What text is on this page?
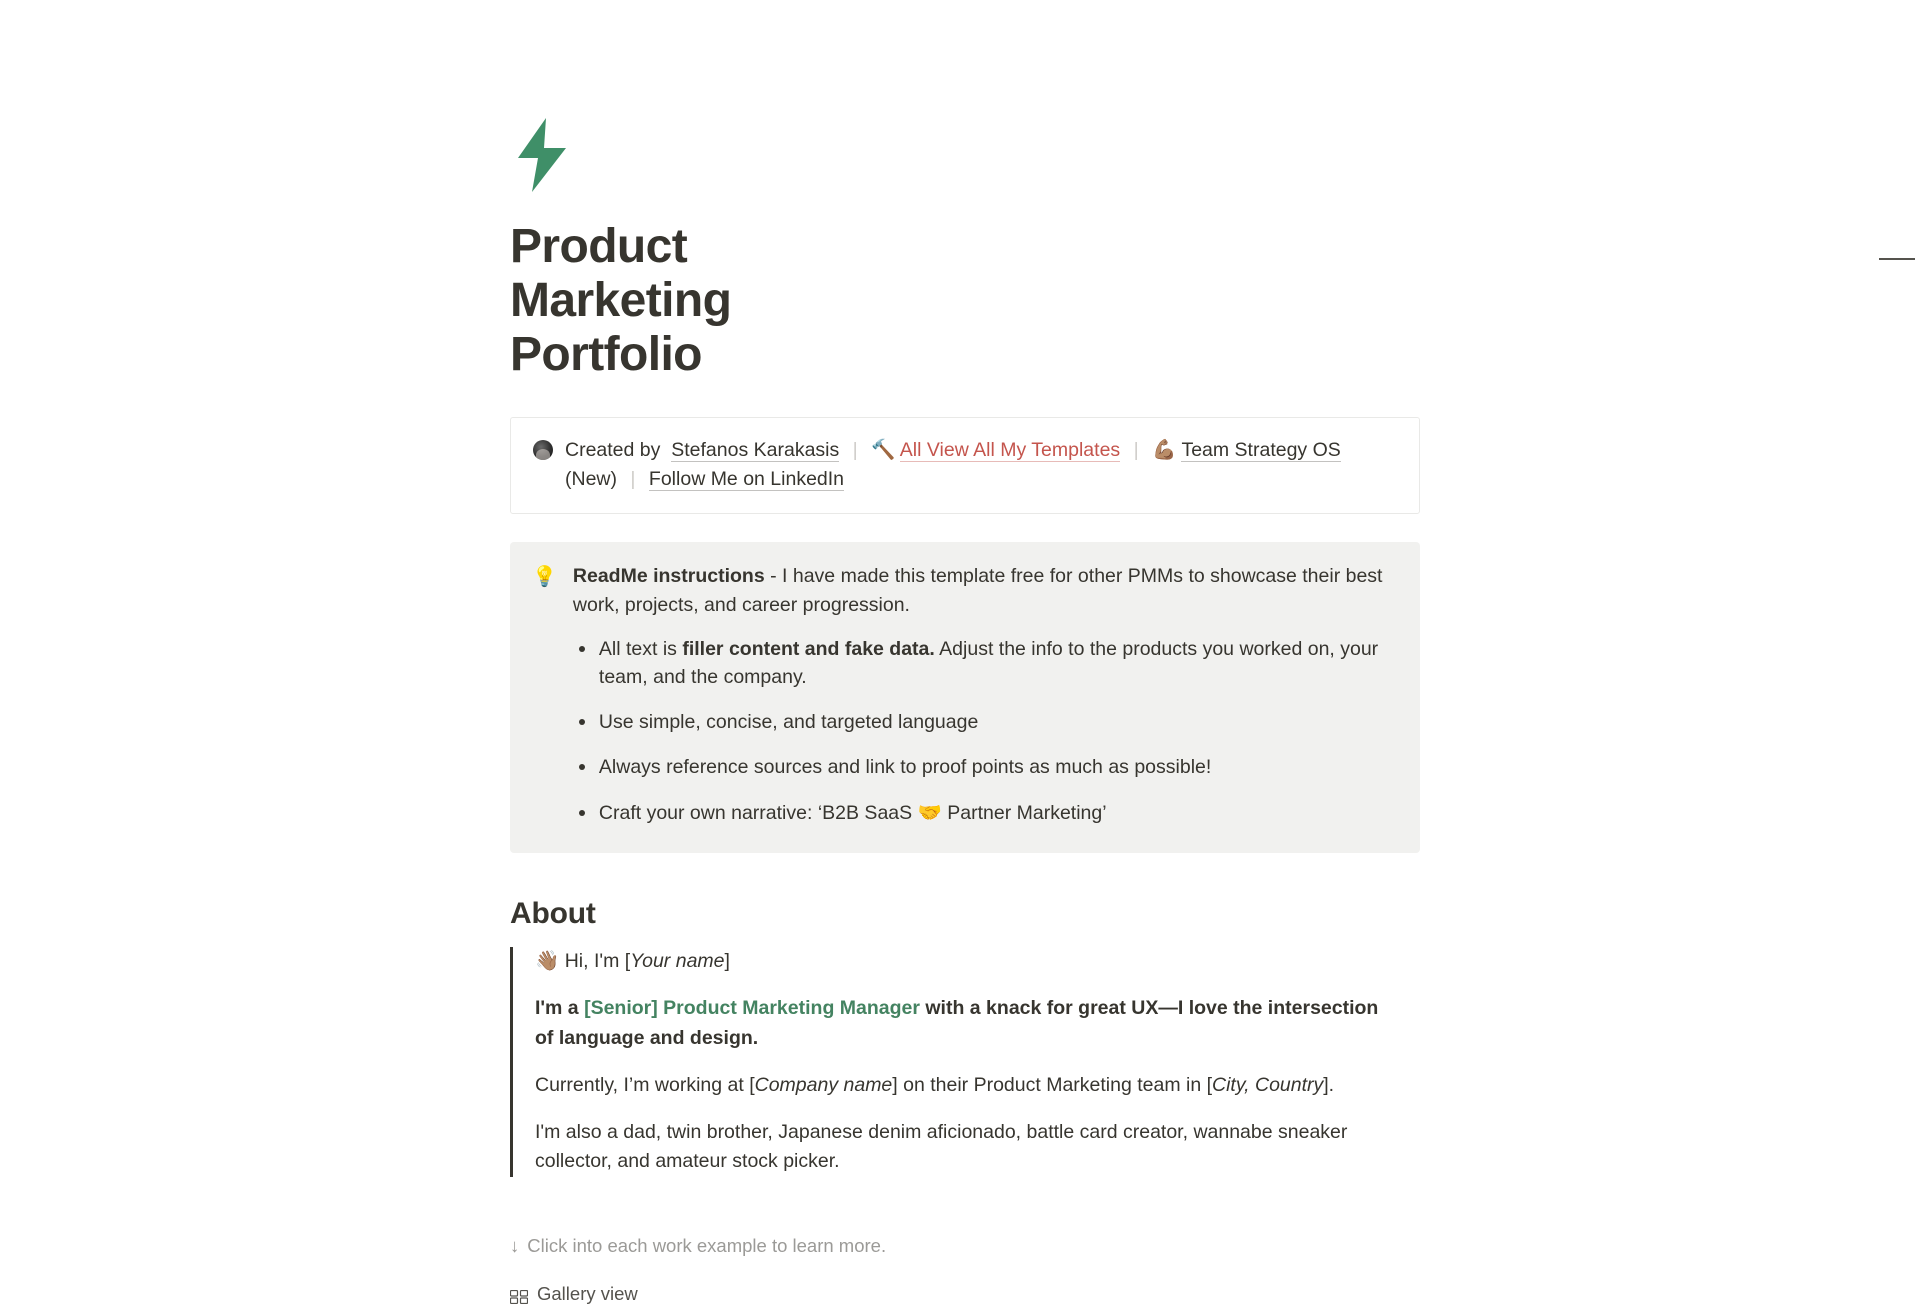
Product Marketing Portfolio
Created by Stefanos Karakasis | 🔨 All View All My Templates | 💪🏽 Team Strategy OS (New) | Follow Me on LinkedIn
💡 ReadMe instructions - I have made this template free for other PMMs to showcase their best work, projects, and career progression.
All text is filler content and fake data. Adjust the info to the products you worked on, your team, and the company.
Use simple, concise, and targeted language
Always reference sources and link to proof points as much as possible!
Craft your own narrative: ‘B2B SaaS 🤝 Partner Marketing’
About

👋🏽 Hi, I'm [Your name]

I'm a [Senior] Product Marketing Manager with a knack for great UX—I love the intersection of language and design.

Currently, I’m working at [Company name] on their Product Marketing team in [City, Country].

I'm also a dad, twin brother, Japanese denim aficionado, battle card creator, wannabe sneaker collector, and amateur stock picker.

↓ Click into each work example to learn more.
Gallery view
